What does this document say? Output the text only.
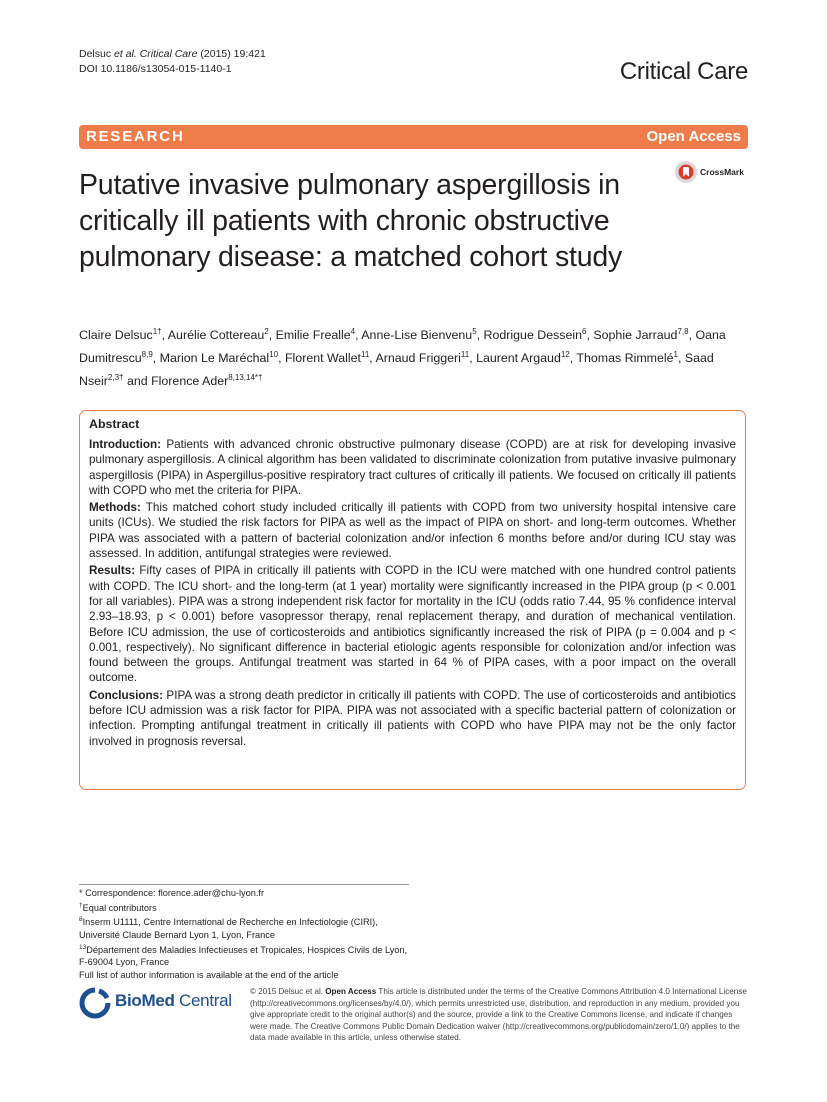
Delsuc et al. Critical Care (2015) 19:421
DOI 10.1186/s13054-015-1140-1	Critical Care
RESEARCH	Open Access
Putative invasive pulmonary aspergillosis in critically ill patients with chronic obstructive pulmonary disease: a matched cohort study
CrossMark
Claire Delsuc$^{1\dagger}$, Aurélie Cottereau$^2$, Emilie Frealle$^4$, Anne-Lise Bienvenu$^5$, Rodrigue Dessein$^6$, Sophie Jarraud$^{7,8}$, Oana Dumitrescu$^{8,9}$, Marion Le Maréchal$^{10}$, Florent Wallet$^{11}$, Arnaud Friggeri$^{11}$, Laurent Argaud$^{12}$, Thomas Rimmelé$^1$, Saad Nseir$^{2,3\dagger}$ and Florence Ader$^{8,13,14*\dagger}$

Abstract

Introduction: Patients with advanced chronic obstructive pulmonary disease (COPD) are at risk for developing invasive pulmonary aspergillosis. A clinical algorithm has been validated to discriminate colonization from putative invasive pulmonary aspergillosis (PIPA) in Aspergillus-positive respiratory tract cultures of critically ill patients. We focused on critically ill patients with COPD who met the criteria for PIPA.

Methods: This matched cohort study included critically ill patients with COPD from two university hospital intensive care units (ICUs). We studied the risk factors for PIPA as well as the impact of PIPA on short- and long-term outcomes. Whether PIPA was associated with a pattern of bacterial colonization and/or infection 6 months before and/or during ICU stay was assessed. In addition, antifungal strategies were reviewed.

Results: Fifty cases of PIPA in critically ill patients with COPD in the ICU were matched with one hundred control patients with COPD. The ICU short- and the long-term (at 1 year) mortality were significantly increased in the PIPA group (p < 0.001 for all variables). PIPA was a strong independent risk factor for mortality in the ICU (odds ratio 7.44, 95 % confidence interval 2.93–18.93, p < 0.001) before vasopressor therapy, renal replacement therapy, and duration of mechanical ventilation. Before ICU admission, the use of corticosteroids and antibiotics significantly increased the risk of PIPA (p = 0.004 and p < 0.001, respectively). No significant difference in bacterial etiologic agents responsible for colonization and/or infection was found between the groups. Antifungal treatment was started in 64 % of PIPA cases, with a poor impact on the overall outcome.

Conclusions: PIPA was a strong death predictor in critically ill patients with COPD. The use of corticosteroids and antibiotics before ICU admission was a risk factor for PIPA. PIPA was not associated with a specific bacterial pattern of colonization or infection. Prompting antifungal treatment in critically ill patients with COPD who have PIPA may not be the only factor involved in prognosis reversal.

* Correspondence: florence.ader@chu-lyon.fr

†Equal contributors

$^8$Inserm U1111, Centre International de Recherche en Infectiologie (CIRI), Université Claude Bernard Lyon 1, Lyon, France

$^{13}$Département des Maladies Infectieuses et Tropicales, Hospices Civils de Lyon, F-69004 Lyon, France

Full list of author information is available at the end of the article

BioMed Central © 2015 Delsuc et al. Open Access This article is distributed under the terms of the Creative Commons Attribution 4.0 International License (http://creativecommons.org/licenses/by/4.0/), which permits unrestricted use, distribution, and reproduction in any medium, provided you give appropriate credit to the original author(s) and the source, provide a link to the Creative Commons license, and indicate if changes were made. The Creative Commons Public Domain Dedication waiver (http://creativecommons.org/publicdomain/zero/1.0/) applies to the data made available in this article, unless otherwise stated.
